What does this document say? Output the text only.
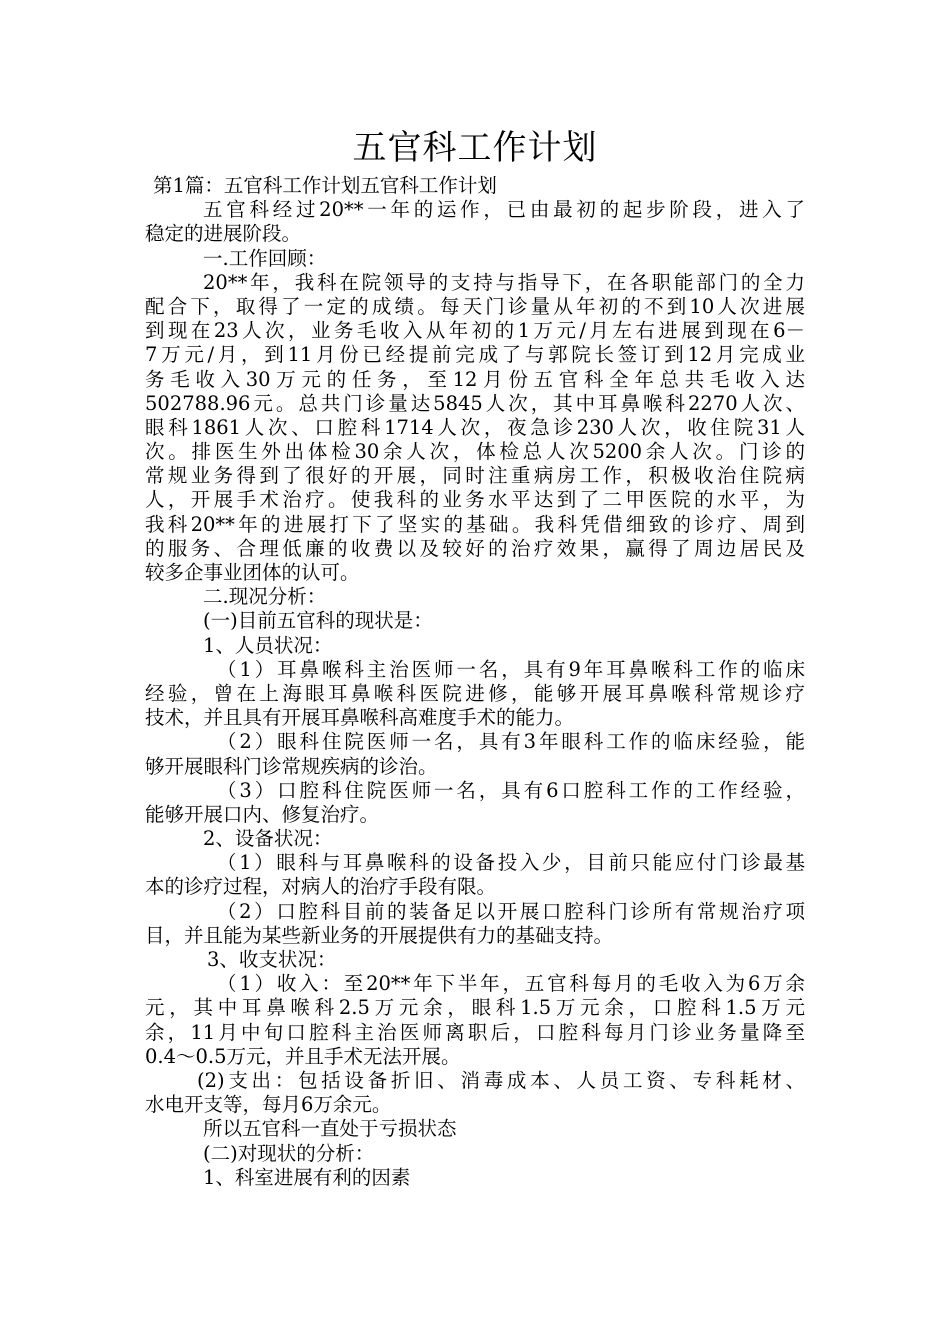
五官科工作计划
第1篇：五官科工作计划五官科工作计划
五官科经过20**一年的运作，已由最初的起步阶段，进入了
稳定的进展阶段。
一.工作回顾：
20**年，我科在院领导的支持与指导下，在各职能部门的全力
配合下，取得了一定的成绩。每天门诊量从年初的不到10人次进展
到现在23人次，业务毛收入从年初的1万元/月左右进展到现在6－
7万元/月，到11月份已经提前完成了与郭院长签订到12月完成业
务毛收入30万元的任务，至12月份五官科全年总共毛收入达
502788.96元。总共门诊量达5845人次，其中耳鼻喉科2270人次、
眼科1861人次、口腔科1714人次，夜急诊230人次，收住院31人
次。排医生外出体检30余人次，体检总人次5200余人次。门诊的
常规业务得到了很好的开展，同时注重病房工作，积极收治住院病
人，开展手术治疗。使我科的业务水平达到了二甲医院的水平，为
我科20**年的进展打下了坚实的基础。我科凭借细致的诊疗、周到
的服务、合理低廉的收费以及较好的治疗效果，赢得了周边居民及
较多企事业团体的认可。
二.现况分析：
(一)目前五官科的现状是：
1、人员状况：
（1）耳鼻喉科主治医师一名，具有9年耳鼻喉科工作的临床
经验，曾在上海眼耳鼻喉科医院进修，能够开展耳鼻喉科常规诊疗
技术，并且具有开展耳鼻喉科高难度手术的能力。
（2）眼科住院医师一名，具有3年眼科工作的临床经验，能
够开展眼科门诊常规疾病的诊治。
（3）口腔科住院医师一名，具有6口腔科工作的工作经验，
能够开展口内、修复治疗。
2、设备状况：
（1）眼科与耳鼻喉科的设备投入少，目前只能应付门诊最基
本的诊疗过程，对病人的治疗手段有限。
（2）口腔科目前的装备足以开展口腔科门诊所有常规治疗项
目，并且能为某些新业务的开展提供有力的基础支持。
3、收支状况：
（1）收入：至20**年下半年，五官科每月的毛收入为6万余
元，其中耳鼻喉科2.5万元余，眼科1.5万元余，口腔科1.5万元
余，11月中旬口腔科主治医师离职后，口腔科每月门诊业务量降至
0.4～0.5万元，并且手术无法开展。
(2)支出：包括设备折旧、消毒成本、人员工资、专科耗材、
水电开支等，每月6万余元。
所以五官科一直处于亏损状态
(二)对现状的分析：
1、科室进展有利的因素
